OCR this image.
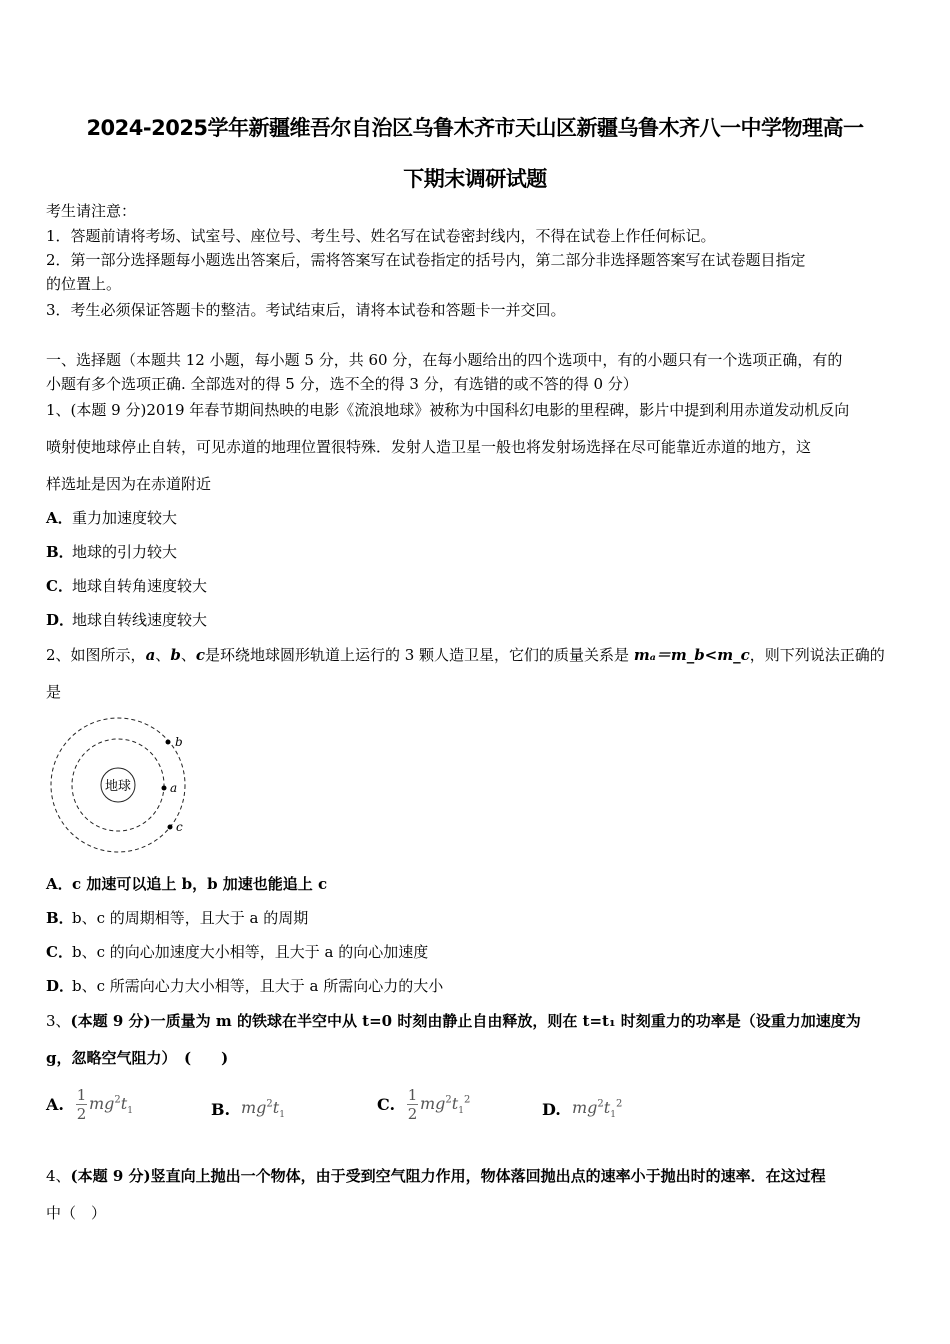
2024-2025学年新疆维吾尔自治区乌鲁木齐市天山区新疆乌鲁木齐八一中学物理高一
下期末调研试题
考生请注意：
1．答题前请将考场、试室号、座位号、考生号、姓名写在试卷密封线内，不得在试卷上作任何标记。
2．第一部分选择题每小题选出答案后，需将答案写在试卷指定的括号内，第二部分非选择题答案写在试卷题目指定
的位置上。
3．考生必须保证答题卡的整洁。考试结束后，请将本试卷和答题卡一并交回。
一、选择题（本题共 12 小题，每小题 5 分，共 60 分，在每小题给出的四个选项中，有的小题只有一个选项正确，有的
小题有多个选项正确. 全部选对的得 5 分，选不全的得 3 分，有选错的或不答的得 0 分）
1、(本题 9 分)2019 年春节期间热映的电影《流浪地球》被称为中国科幻电影的里程碑，影片中提到利用赤道发动机反向
喷射使地球停止自转，可见赤道的地理位置很特殊．发射人造卫星一般也将发射场选择在尽可能靠近赤道的地方，这
样选址是因为在赤道附近
A．重力加速度较大
B．地球的引力较大
C．地球自转角速度较大
D．地球自转线速度较大
2、如图所示，a、b、c是环绕地球圆形轨道上运行的 3 颗人造卫星，它们的质量关系是 mₐ＝m_b<m_c，则下列说法正确的
是
地球	a
b
c
A．c 加速可以追上 b，b 加速也能追上 c
B．b、c 的周期相等，且大于 a 的周期
C．b、c 的向心加速度大小相等，且大于 a 的向心加速度
D．b、c 所需向心力大小相等，且大于 a 所需向心力的大小
3、(本题 9 分)一质量为 m 的铁球在半空中从 t=0 时刻由静止自由释放，则在 t=t₁ 时刻重力的功率是（设重力加速度为
g，忽略空气阻力）　(　　)
A. $\frac{1}{2} mg^2t_1$	B. $mg^2t_1$
C. $\frac{1}{2} mg^2t_1^2$	D. $mg^2t_1^2$
4、(本题 9 分)竖直向上抛出一个物体，由于受到空气阻力作用，物体落回抛出点的速率小于抛出时的速率．在这过程
中（　）
